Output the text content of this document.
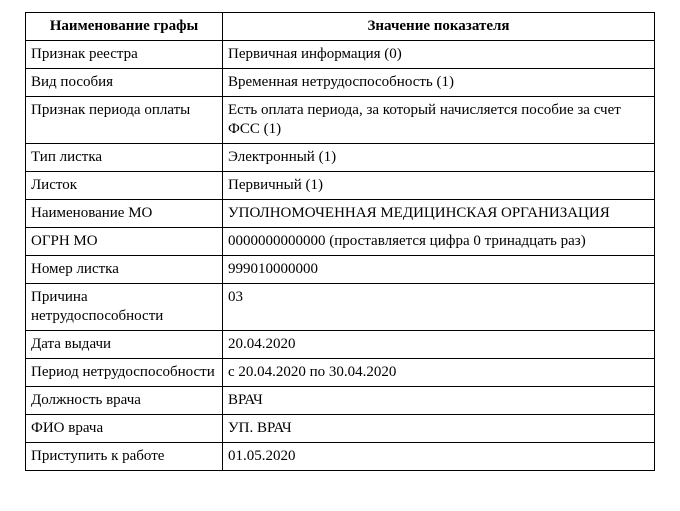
Наименование графы	Значение показателя
Признак реестра	Первичная информация (0)
Вид пособия	Временная нетрудоспособность (1)
Признак периода оплаты	Есть оплата периода, за который начисляется пособие за счет ФСС (1)
Тип листка	Электронный (1)
Листок	Первичный (1)
Наименование МО	УПОЛНОМОЧЕННАЯ МЕДИЦИНСКАЯ ОРГАНИЗАЦИЯ
ОГРН МО	0000000000000 (проставляется цифра 0 тринадцать раз)
Номер листка	999010000000
Причина нетрудоспособности	03
Дата выдачи	20.04.2020
Период нетрудоспособности	с 20.04.2020 по 30.04.2020
Должность врача	ВРАЧ
ФИО врача	УП. ВРАЧ
Приступить к работе	01.05.2020
